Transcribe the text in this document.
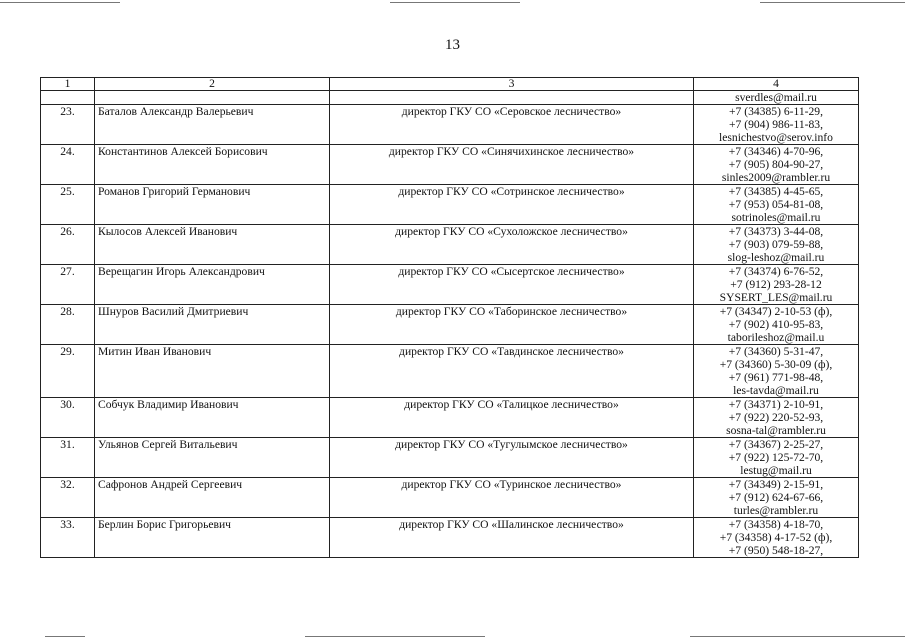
13
1	2	3	4

			sverdles@mail.ru

23.	Баталов Александр Валерьевич	директор ГКУ СО «Серовское лесничество»	+7 (34385) 6-11-29,
+7 (904) 986-11-83,
lesnichestvo@serov.info

24.	Константинов Алексей Борисович	директор ГКУ СО «Синячихинское лесничество»	+7 (34346) 4-70-96,
+7 (905) 804-90-27,
sinles2009@rambler.ru

25.	Романов Григорий Германович	директор ГКУ СО «Сотринское лесничество»	+7 (34385) 4-45-65,
+7 (953) 054-81-08,
sotrinoles@mail.ru

26.	Кылосов Алексей Иванович	директор ГКУ СО «Сухоложское лесничество»	+7 (34373) 3-44-08,
+7 (903) 079-59-88,
slog-leshoz@mail.ru

27.	Верещагин Игорь Александрович	директор ГКУ СО «Сысертское лесничество»	+7 (34374) 6-76-52,
+7 (912) 293-28-12
SYSERT_LES@mail.ru

28.	Шнуров Василий Дмитриевич	директор ГКУ СО «Таборинское лесничество»	+7 (34347) 2-10-53 (ф),
+7 (902) 410-95-83,
taborileshoz@mail.u

29.	Митин Иван Иванович	директор ГКУ СО «Тавдинское лесничество»	+7 (34360) 5-31-47,
+7 (34360) 5-30-09 (ф),
+7 (961) 771-98-48,
les-tavda@mail.ru

30.	Собчук Владимир Иванович	директор ГКУ СО «Талицкое лесничество»	+7 (34371) 2-10-91,
+7 (922) 220-52-93,
sosna-tal@rambler.ru

31.	Ульянов Сергей Витальевич	директор ГКУ СО «Тугулымское лесничество»	+7 (34367) 2-25-27,
+7 (922) 125-72-70,
lestug@mail.ru

32.	Сафронов Андрей Сергеевич	директор ГКУ СО «Туринское лесничество»	+7 (34349) 2-15-91,
+7 (912) 624-67-66,
turles@rambler.ru

33.	Берлин Борис Григорьевич	директор ГКУ СО «Шалинское лесничество»	+7 (34358) 4-18-70,
+7 (34358) 4-17-52 (ф),
+7 (950) 548-18-27,
